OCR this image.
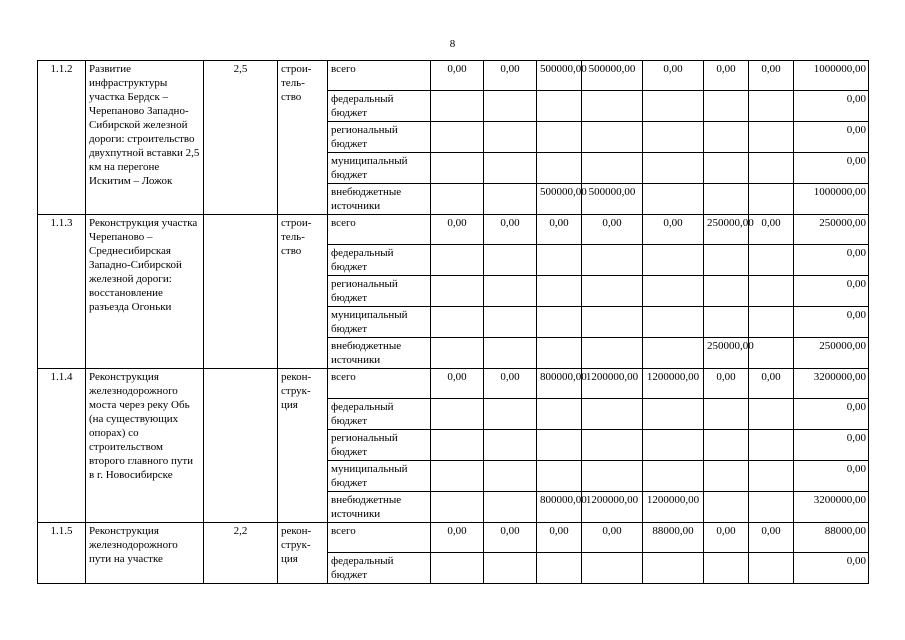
8
1.1.2	Развитие инфраструктуры участка Бердск – Черепаново Западно-Сибирской железной дороги: строительство двухпутной вставки 2,5 км на перегоне Искитим – Ложок	2,5	строи-тель-ство	всего	0,00	0,00	500000,00	500000,00	0,00	0,00	0,00	1000000,00
				федеральный бюджет								0,00
				региональный бюджет								0,00
				муниципальный бюджет								0,00
				внебюджетные источники			500000,00	500000,00				1000000,00
1.1.3	Реконструкция участка Черепаново – Среднесибирская Западно-Сибирской железной дороги: восстановление разъезда Огоньки		строи-тель-ство	всего	0,00	0,00	0,00	0,00	0,00	250000,00	0,00	250000,00
				федеральный бюджет								0,00
				региональный бюджет								0,00
				муниципальный бюджет								0,00
				внебюджетные источники						250000,00		250000,00
1.1.4	Реконструкция железнодорожного моста через реку Обь (на существующих опорах) со строительством второго главного пути в г. Новосибирске		рекон-струк-ция	всего	0,00	0,00	800000,00	1200000,00	1200000,00	0,00	0,00	3200000,00
				федеральный бюджет								0,00
				региональный бюджет								0,00
				муниципальный бюджет								0,00
				внебюджетные источники			800000,00	1200000,00	1200000,00			3200000,00
1.1.5	Реконструкция железнодорожного пути на участке	2,2	рекон-струк-ция	всего	0,00	0,00	0,00	0,00	88000,00	0,00	0,00	88000,00
				федеральный бюджет								0,00
